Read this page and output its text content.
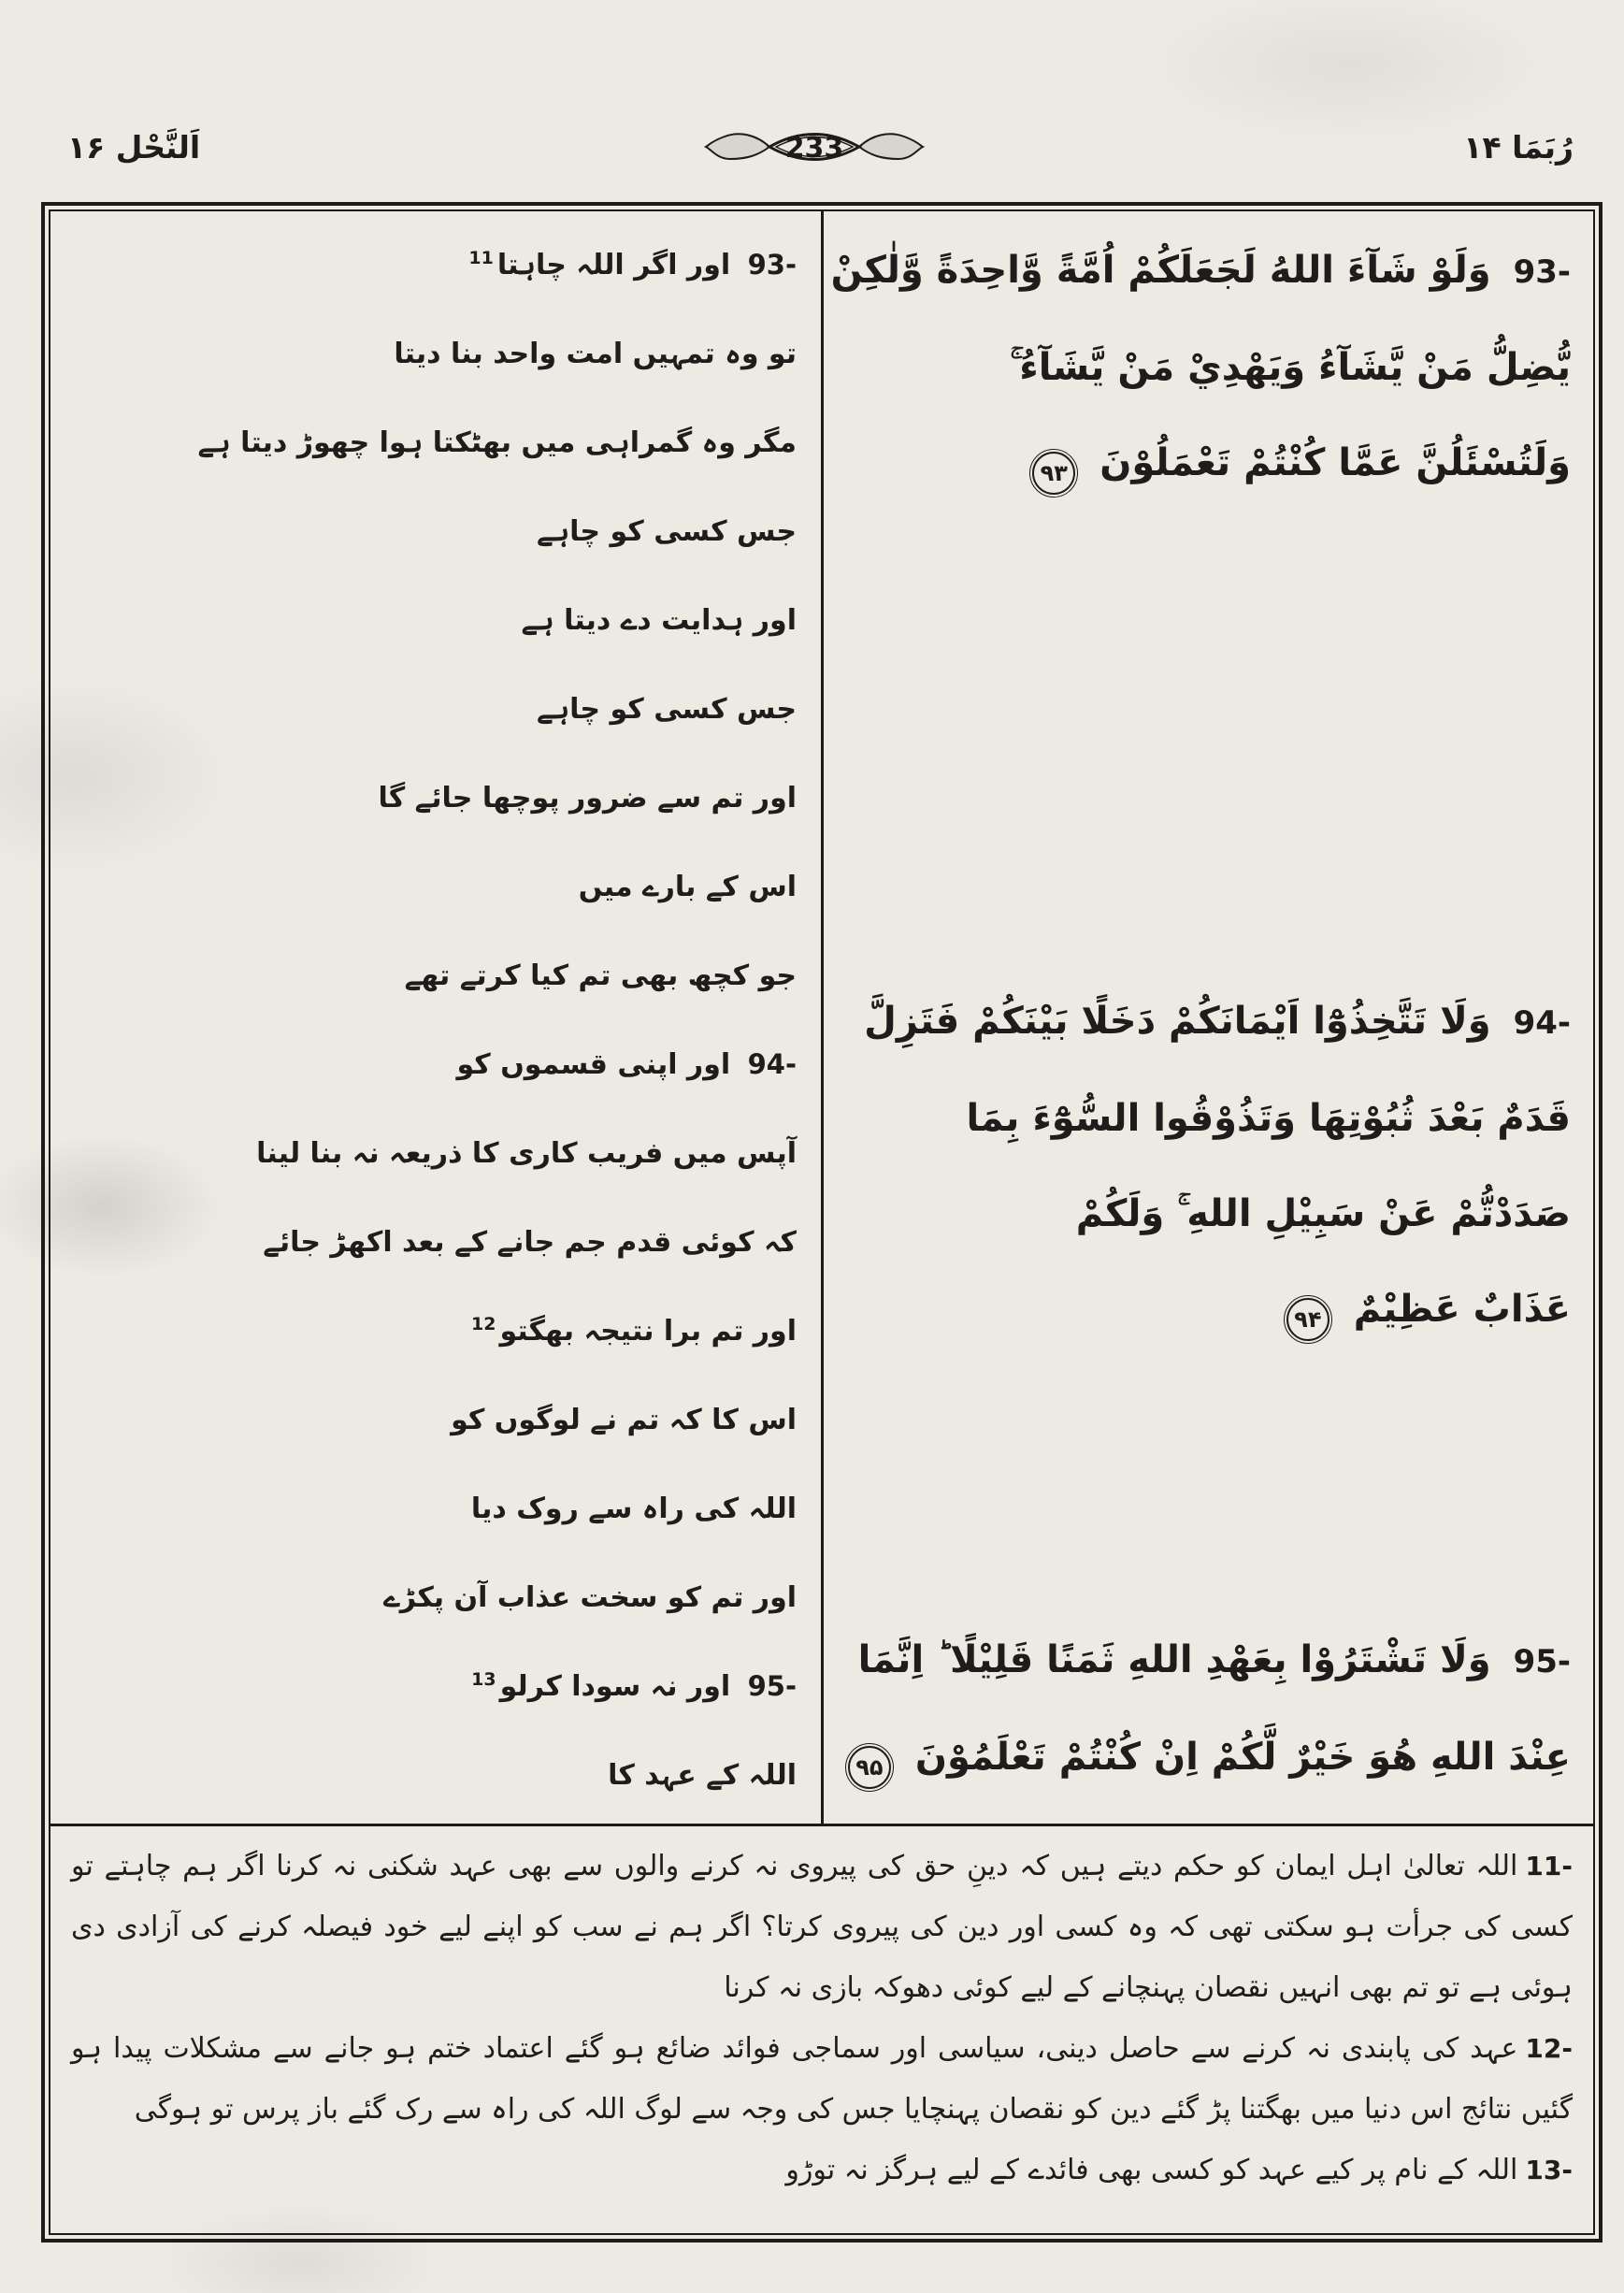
اَلنَّحْل ۱۶	233	رُبَمَا ۱۴
93- اور اگر اللہ چاہتا$^{11}$
تو وہ تمہیں امت واحد بنا دیتا
مگر وہ گمراہی میں بھٹکتا ہوا چھوڑ دیتا ہے
جس کسی کو چاہے
اور ہدایت دے دیتا ہے
جس کسی کو چاہے
اور تم سے ضرور پوچھا جائے گا
اس کے بارے میں
جو کچھ بھی تم کیا کرتے تھے
94- اور اپنی قسموں کو
آپس میں فریب کاری کا ذریعہ نہ بنا لینا
کہ کوئی قدم جم جانے کے بعد اکھڑ جائے
اور تم برا نتیجہ بھگتو$^{12}$
اس کا کہ تم نے لوگوں کو
اللہ کی راہ سے روک دیا
اور تم کو سخت عذاب آن پکڑے
95- اور نہ سودا کرلو$^{13}$
اللہ کے عہد کا
93- وَلَوْ شَآءَ اللهُ لَجَعَلَكُمْ اُمَّةً وَّاحِدَةً وَّلٰكِنْ
يُّضِلُّ مَنْ يَّشَآءُ وَيَهْدِيْ مَنْ يَّشَآءُ ۚ
وَلَتُسْئَلُنَّ عَمَّا كُنْتُمْ تَعْمَلُوْنَ ۹۳
94- وَلَا تَتَّخِذُوْٓا اَيْمَانَكُمْ دَخَلًا بَيْنَكُمْ فَتَزِلَّ
قَدَمٌ بَعْدَ ثُبُوْتِهَا وَتَذُوْقُوا السُّوْٓءَ بِمَا
صَدَدْتُّمْ عَنْ سَبِيْلِ اللهِ ۚ وَلَكُمْ
عَذَابٌ عَظِيْمٌ ۹۴
95- وَلَا تَشْتَرُوْا بِعَهْدِ اللهِ ثَمَنًا قَلِيْلًا ؕ اِنَّمَا
عِنْدَ اللهِ هُوَ خَيْرٌ لَّكُمْ اِنْ كُنْتُمْ تَعْلَمُوْنَ ۹۵
11-اللہ تعالیٰ اہل ایمان کو حکم دیتے ہیں کہ دینِ حق کی پیروی نہ کرنے والوں سے بھی عہد شکنی نہ کرنا اگر ہم چاہتے تو کسی کی جرأت ہو سکتی تھی کہ وہ کسی اور دین کی پیروی کرتا؟ اگر ہم نے سب کو اپنے لیے خود فیصلہ کرنے کی آزادی دی ہوئی ہے تو تم بھی انہیں نقصان پہنچانے کے لیے کوئی دھوکہ بازی نہ کرنا
12-عہد کی پابندی نہ کرنے سے حاصل دینی، سیاسی اور سماجی فوائد ضائع ہو گئے اعتماد ختم ہو جانے سے مشکلات پیدا ہو گئیں نتائج اس دنیا میں بھگتنا پڑ گئے دین کو نقصان پہنچایا جس کی وجہ سے لوگ اللہ کی راہ سے رک گئے باز پرس تو ہوگی
13-اللہ کے نام پر کیے عہد کو کسی بھی فائدے کے لیے ہرگز نہ توڑو
